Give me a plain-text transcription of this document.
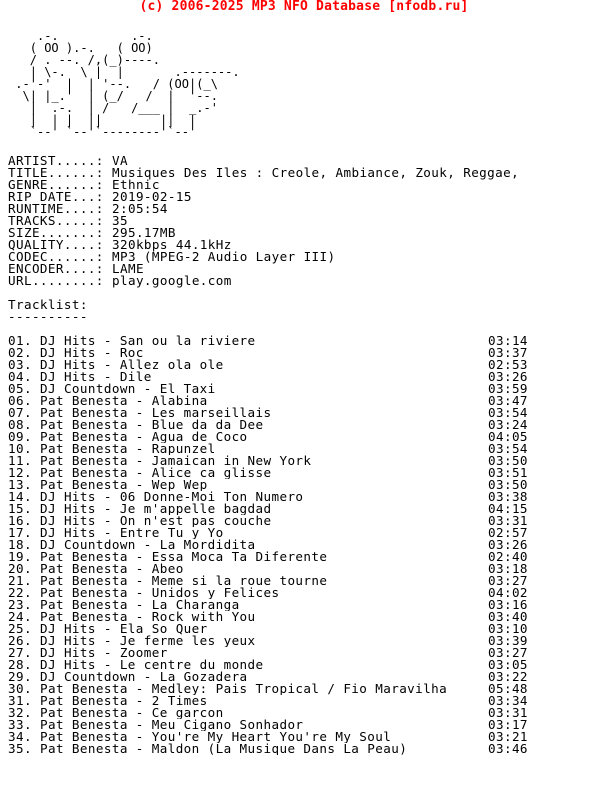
(c) 2006-2025 MP3 NFO Database [nfodb.ru]
.-.          .-.
( OO ).-.   ( OO)
/ . --. /,(_)----.
| \-.  \ |  |       .-------.
.-'-'  |  | '--.   / (OO|(_\
\| |_.'  | (_/   /  |  '--.
|  .-.  | /   /___ |  _.-'
|  | |  ||        ||  |
`--' `--'`--------'`--'
ARTIST.....: VA
TITLE......: Musiques Des Iles : Creole, Ambiance, Zouk, Reggae,
GENRE......: Ethnic
RIP DATE...: 2019-02-15
RUNTIME....: 2:05:54
TRACKS.....: 35
SIZE.......: 295.17MB
QUALITY....: 320kbps 44.1kHz
CODEC......: MP3 (MPEG-2 Audio Layer III)
ENCODER....: LAME
URL........: play.google.com
Tracklist:
----------
01. DJ Hits - San ou la riviere	03:14
02. DJ Hits - Roc	03:37
03. DJ Hits - Allez ola ole	02:53
04. DJ Hits - Dile	03:26
05. DJ Countdown - El Taxi	03:59
06. Pat Benesta - Alabina	03:47
07. Pat Benesta - Les marseillais	03:54
08. Pat Benesta - Blue da da Dee	03:24
09. Pat Benesta - Agua de Coco	04:05
10. Pat Benesta - Rapunzel	03:54
11. Pat Benesta - Jamaican in New York	03:50
12. Pat Benesta - Alice ca glisse	03:51
13. Pat Benesta - Wep Wep	03:50
14. DJ Hits - 06 Donne-Moi Ton Numero	03:38
15. DJ Hits - Je m'appelle bagdad	04:15
16. DJ Hits - On n'est pas couche	03:31
17. DJ Hits - Entre Tu y Yo	02:57
18. DJ Countdown - La Mordidita	03:26
19. Pat Benesta - Essa Moca Ta Diferente	02:40
20. Pat Benesta - Abeo	03:18
21. Pat Benesta - Meme si la roue tourne	03:27
22. Pat Benesta - Unidos y Felices	04:02
23. Pat Benesta - La Charanga	03:16
24. Pat Benesta - Rock with You	03:40
25. DJ Hits - Ela So Quer	03:10
26. DJ Hits - Je ferme les yeux	03:39
27. DJ Hits - Zoomer	03:27
28. DJ Hits - Le centre du monde	03:05
29. DJ Countdown - La Gozadera	03:22
30. Pat Benesta - Medley: Pais Tropical / Fio Maravilha	05:48
31. Pat Benesta - 2 Times	03:34
32. Pat Benesta - Ce garcon	03:31
33. Pat Benesta - Meu Cigano Sonhador	03:17
34. Pat Benesta - You're My Heart You're My Soul	03:21
35. Pat Benesta - Maldon (La Musique Dans La Peau)	03:46
